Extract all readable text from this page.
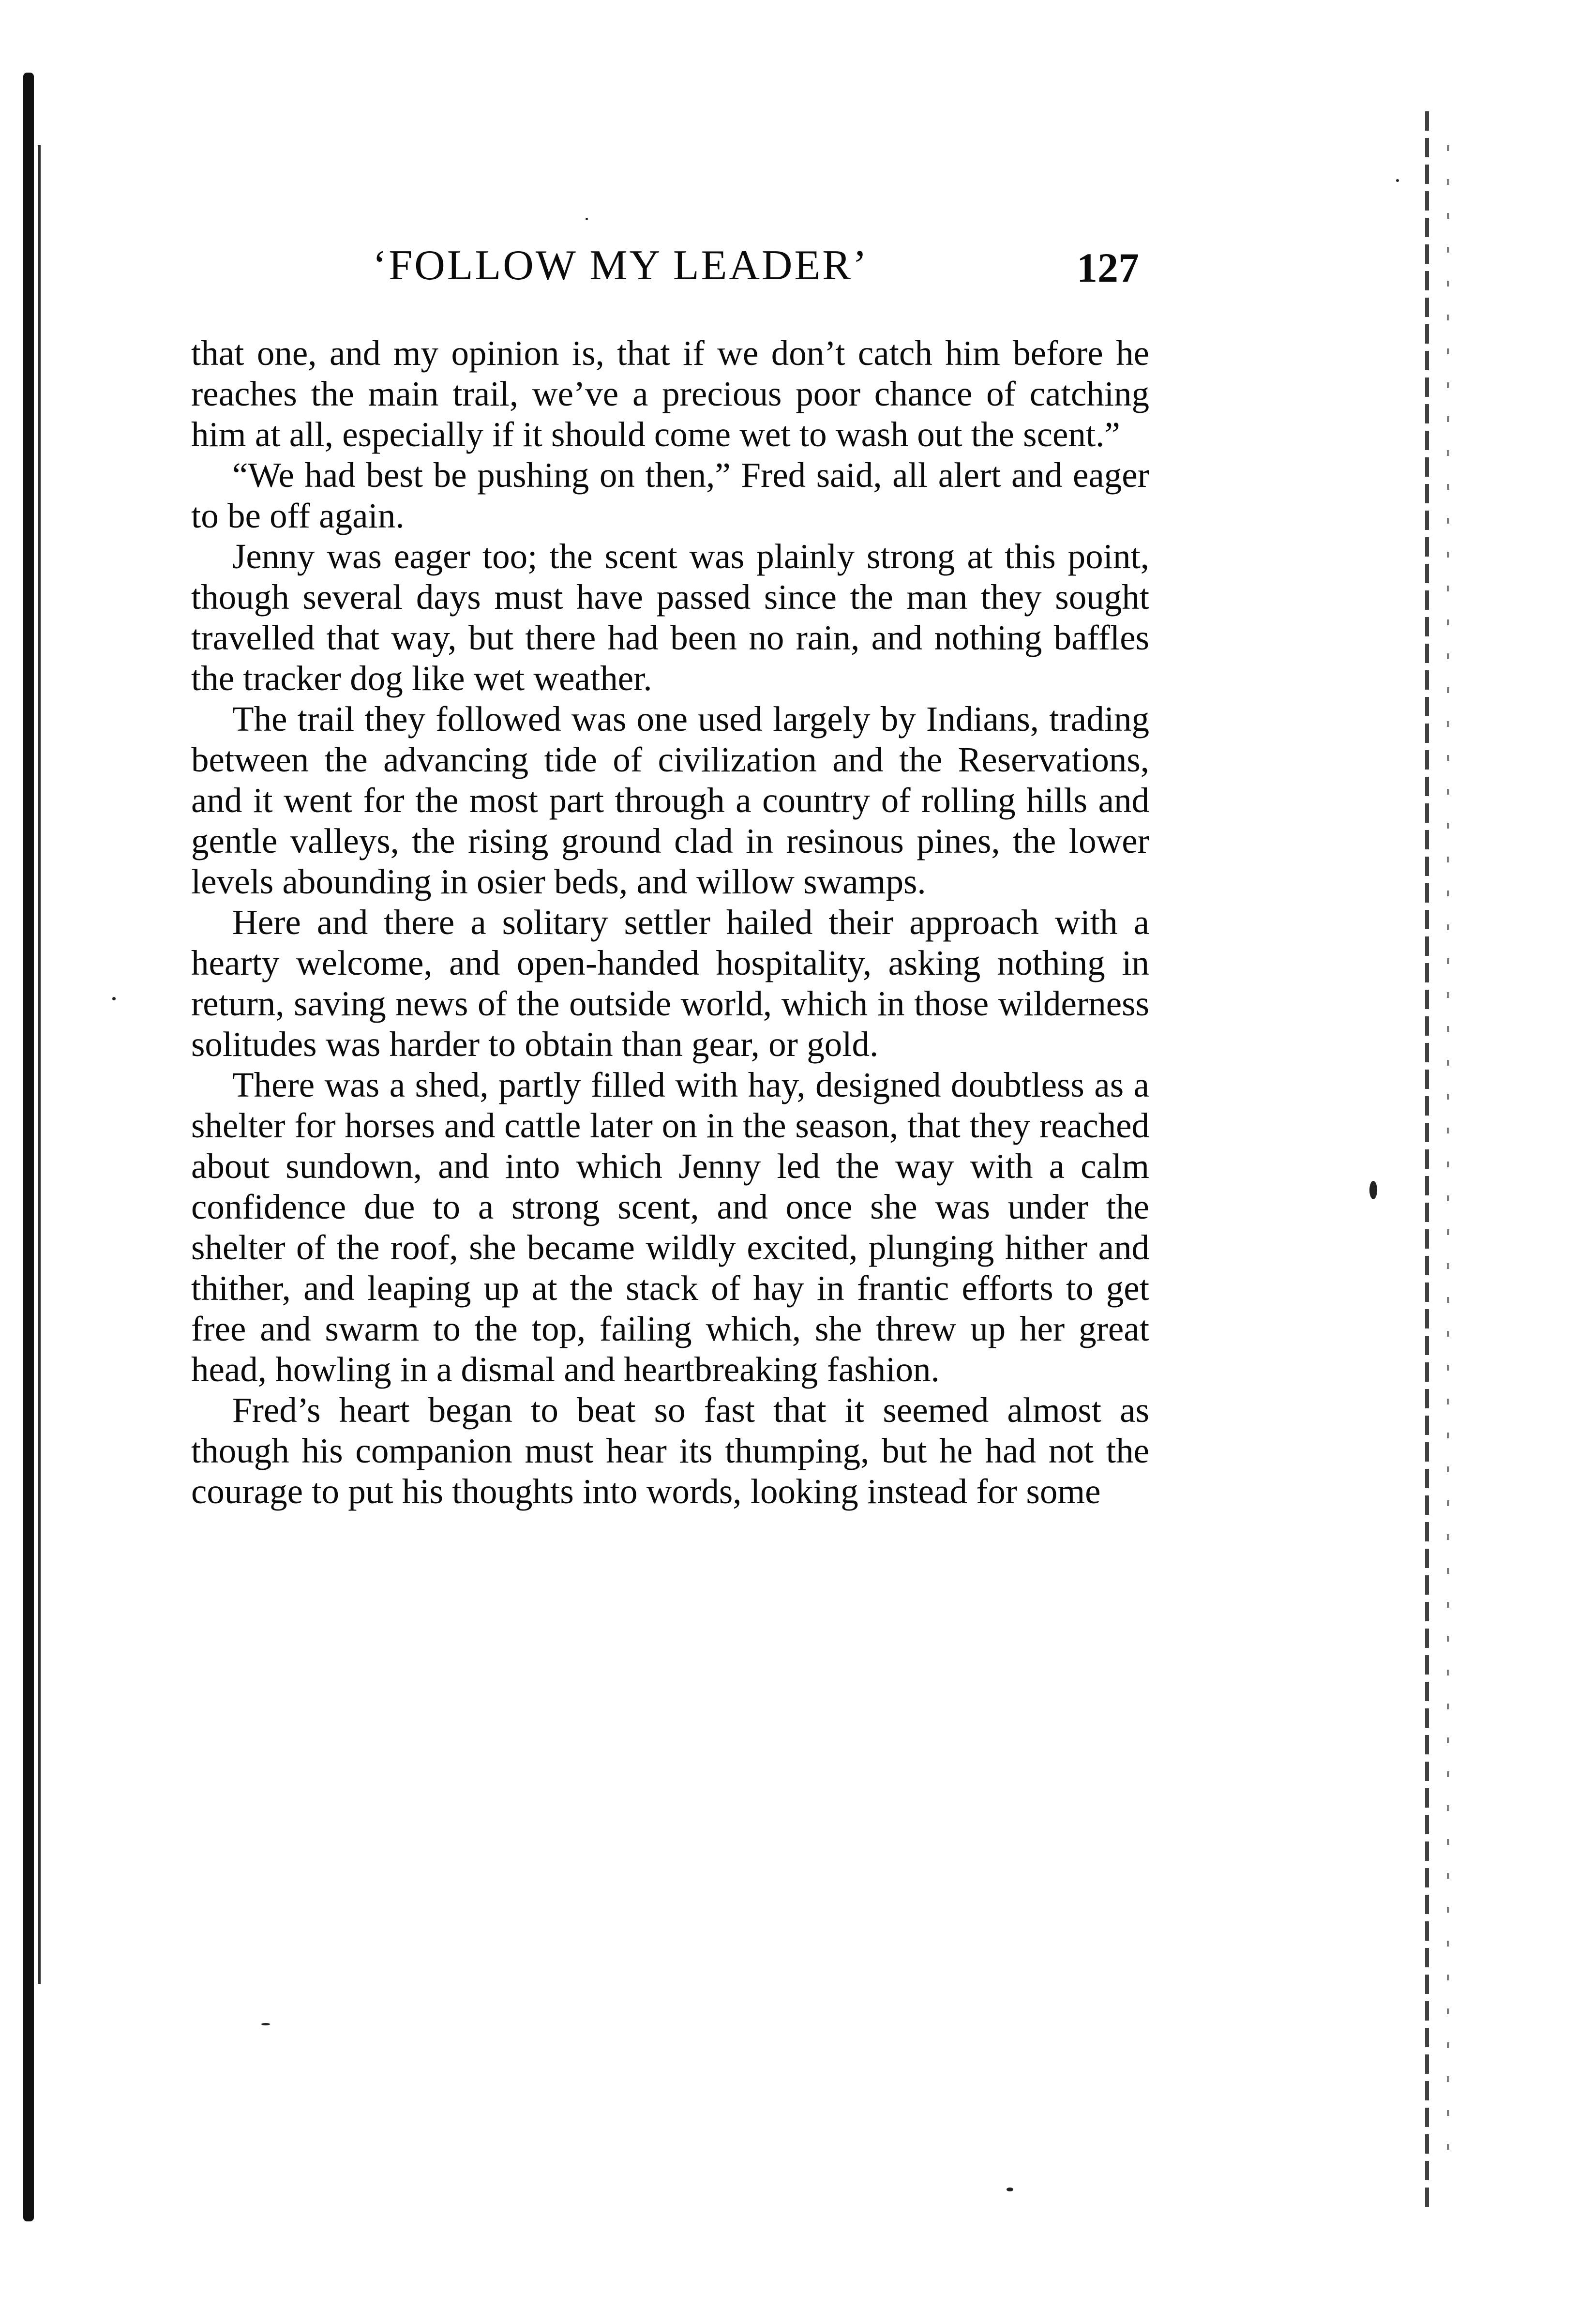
‘FOLLOW MY LEADER’	127

that one, and my opinion is, that if we don’t catch him before he reaches the main trail, we’ve a precious poor chance of catching him at all, especially if it should come wet to wash out the scent.”

“We had best be pushing on then,” Fred said, all alert and eager to be off again.

Jenny was eager too; the scent was plainly strong at this point, though several days must have passed since the man they sought travelled that way, but there had been no rain, and nothing baffles the tracker dog like wet weather.

The trail they followed was one used largely by Indians, trading between the advancing tide of civilization and the Reservations, and it went for the most part through a country of rolling hills and gentle valleys, the rising ground clad in resinous pines, the lower levels abounding in osier beds, and willow swamps.

Here and there a solitary settler hailed their approach with a hearty welcome, and open-handed hospitality, asking nothing in return, saving news of the outside world, which in those wilderness solitudes was harder to obtain than gear, or gold.

There was a shed, partly filled with hay, designed doubtless as a shelter for horses and cattle later on in the season, that they reached about sundown, and into which Jenny led the way with a calm confidence due to a strong scent, and once she was under the shelter of the roof, she became wildly excited, plunging hither and thither, and leaping up at the stack of hay in frantic efforts to get free and swarm to the top, failing which, she threw up her great head, howling in a dismal and heartbreaking fashion.

Fred’s heart began to beat so fast that it seemed almost as though his companion must hear its thumping, but he had not the courage to put his thoughts into words, looking instead for some
